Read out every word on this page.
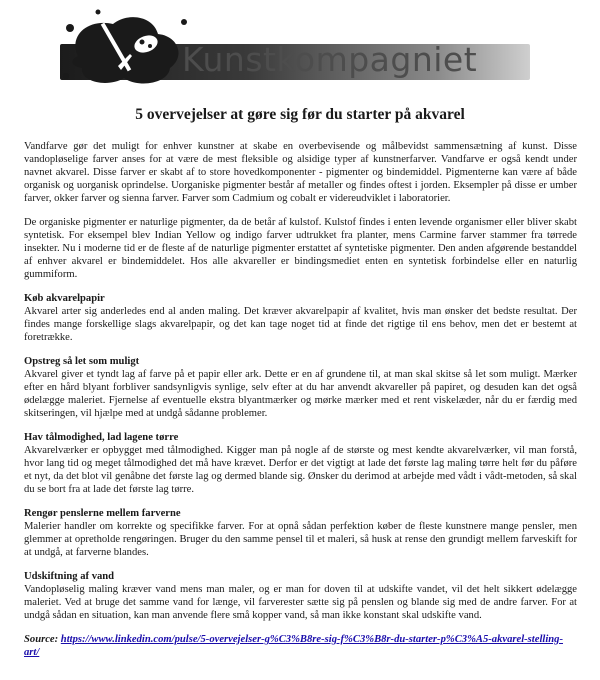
Kunstkompagniet
5 overvejelser at gøre sig før du starter på akvarel

Vandfarve gør det muligt for enhver kunstner at skabe en overbevisende og målbevidst sammensætning af kunst. Disse vandopløselige farver anses for at være de mest fleksible og alsidige typer af kunstnerfarver. Vandfarve er også kendt under navnet akvarel. Disse farver er skabt af to store hovedkomponenter - pigmenter og bindemiddel. Pigmenterne kan være af både organisk og uorganisk oprindelse. Uorganiske pigmenter består af metaller og findes oftest i jorden. Eksempler på disse er umber farver, okker farver og sienna farver. Farver som Cadmium og cobalt er videreudviklet i laboratorier.

De organiske pigmenter er naturlige pigmenter, da de betår af kulstof. Kulstof findes i enten levende organismer eller bliver skabt syntetisk. For eksempel blev Indian Yellow og indigo farver udtrukket fra planter, mens Carmine farver stammer fra tørrede insekter. Nu i moderne tid er de fleste af de naturlige pigmenter erstattet af syntetiske pigmenter. Den anden afgørende bestanddel af enhver akvarel er bindemiddelet. Hos alle akvareller er bindingsmediet enten en syntetisk forbindelse eller en naturlig gummiform.

Køb akvarelpapir

Akvarel arter sig anderledes end al anden maling. Det kræver akvarelpapir af kvalitet, hvis man ønsker det bedste resultat. Der findes mange forskellige slags akvarelpapir, og det kan tage noget tid at finde det rigtige til ens behov, men det er bestemt at foretrække.

Opstreg så let som muligt

Akvarel giver et tyndt lag af farve på et papir eller ark. Dette er en af grundene til, at man skal skitse så let som muligt. Mærker efter en hård blyant forbliver sandsynligvis synlige, selv efter at du har anvendt akvareller på papiret, og desuden kan det også ødelægge maleriet. Fjernelse af eventuelle ekstra blyantmærker og mørke mærker med et rent viskelæder, når du er færdig med skitseringen, vil hjælpe med at undgå sådanne problemer.

Hav tålmodighed, lad lagene tørre

Akvarelværker er opbygget med tålmodighed. Kigger man på nogle af de største og mest kendte akvarelværker, vil man forstå, hvor lang tid og meget tålmodighed det må have krævet. Derfor er det vigtigt at lade det første lag maling tørre helt før du påføre et nyt, da det blot vil genåbne det første lag og dermed blande sig. Ønsker du derimod at arbejde med vådt i vådt-metoden, så skal du se bort fra at lade det første lag tørre.

Rengør penslerne mellem farverne

Malerier handler om korrekte og specifikke farver. For at opnå sådan perfektion køber de fleste kunstnere mange pensler, men glemmer at opretholde rengøringen. Bruger du den samme pensel til et maleri, så husk at rense den grundigt mellem farveskift for at undgå, at farverne blandes.

Udskiftning af vand

Vandopløselig maling kræver vand mens man maler, og er man for doven til at udskifte vandet, vil det helt sikkert ødelægge maleriet. Ved at bruge det samme vand for længe, vil farverester sætte sig på penslen og blande sig med de andre farver. For at undgå sådan en situation, kan man anvende flere små kopper vand, så man ikke konstant skal udskifte vand.

Source: https://www.linkedin.com/pulse/5-overvejelser-g%C3%B8re-sig-f%C3%B8r-du-starter-p%C3%A5-akvarel-stelling-art/
